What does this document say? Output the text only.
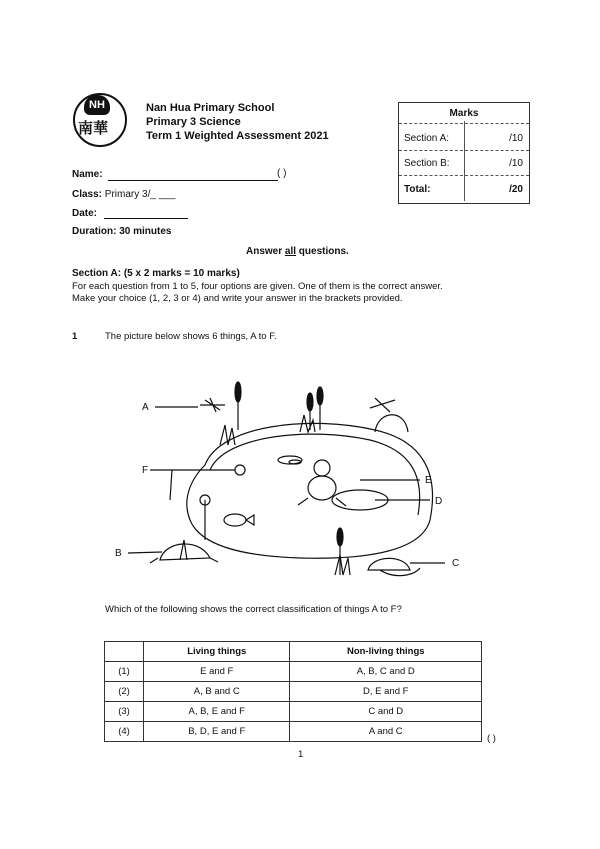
NH
南華
Nan Hua Primary School
Primary 3 Science
Term 1 Weighted Assessment 2021
Marks
Section A:	/10
Section B:	/10
Total:	/20
Name:	( )
Class: Primary 3/_ ___
Date:
Duration: 30 minutes
Answer all questions.
Section A: (5 x 2 marks = 10 marks)
For each question from 1 to 5, four options are given. One of them is the correct answer.
Make your choice (1, 2, 3 or 4) and write your answer in the brackets provided.
1	The picture below shows 6 things, A to F.
A
B
C
D
E
F
Which of the following shows the correct classification of things A to F?
	Living things	Non-living things
(1)	E and F	A, B, C and D
(2)	A, B and C	D, E and F
(3)	A, B, E and F	C and D
(4)	B, D, E and F	A and C
( )
1
